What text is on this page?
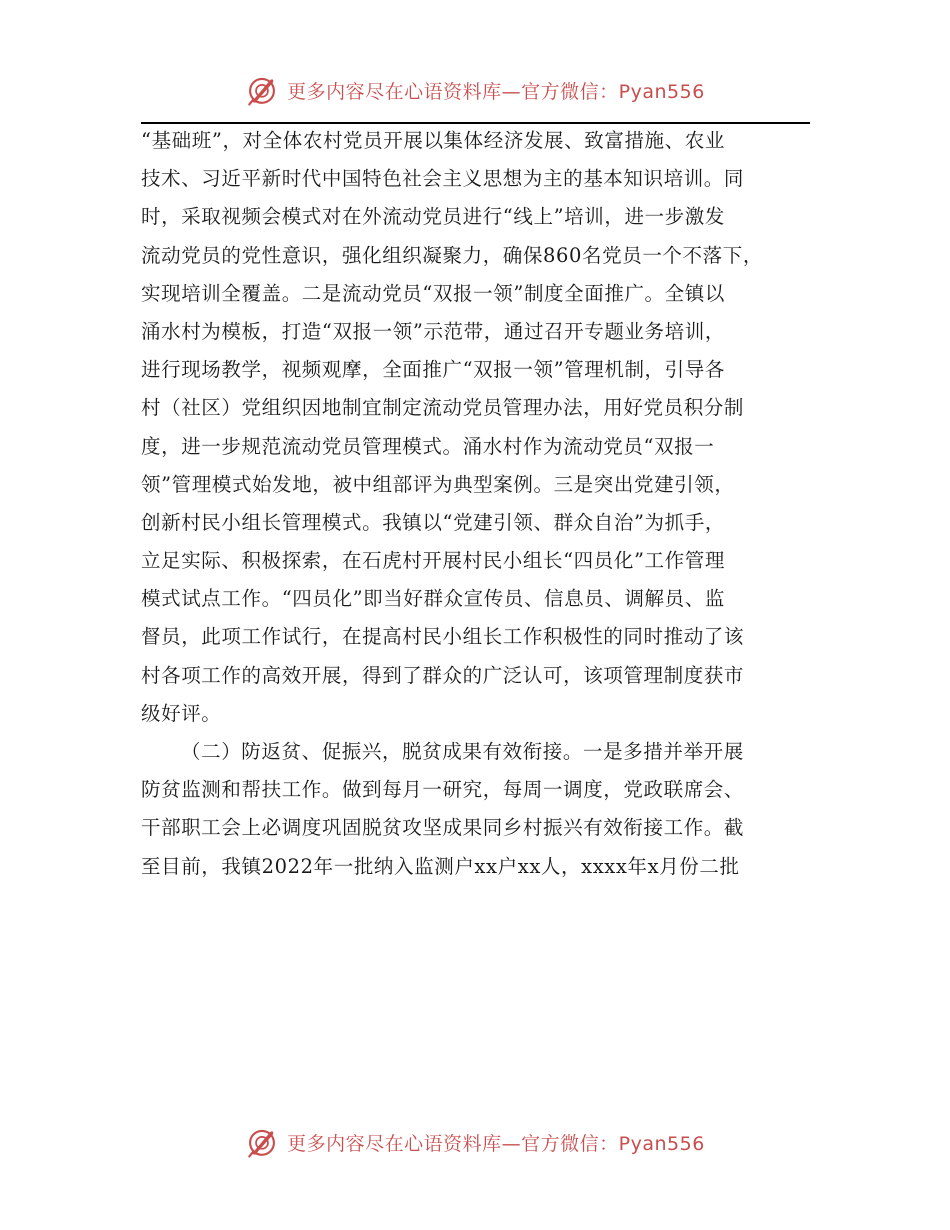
更多内容尽在心语资料库—官方微信：Pyan556
“基础班”，对全体农村党员开展以集体经济发展、致富措施、农业
技术、习近平新时代中国特色社会主义思想为主的基本知识培训。同
时，采取视频会模式对在外流动党员进行“线上”培训，进一步激发
流动党员的党性意识，强化组织凝聚力，确保860名党员一个不落下，
实现培训全覆盖。二是流动党员“双报一领”制度全面推广。全镇以
涌水村为模板，打造“双报一领”示范带，通过召开专题业务培训，
进行现场教学，视频观摩，全面推广“双报一领”管理机制，引导各
村（社区）党组织因地制宜制定流动党员管理办法，用好党员积分制
度，进一步规范流动党员管理模式。涌水村作为流动党员“双报一
领”管理模式始发地，被中组部评为典型案例。三是突出党建引领，
创新村民小组长管理模式。我镇以“党建引领、群众自治”为抓手，
立足实际、积极探索，在石虎村开展村民小组长“四员化”工作管理
模式试点工作。“四员化”即当好群众宣传员、信息员、调解员、监
督员，此项工作试行，在提高村民小组长工作积极性的同时推动了该
村各项工作的高效开展，得到了群众的广泛认可，该项管理制度获市
级好评。
（二）防返贫、促振兴，脱贫成果有效衔接。一是多措并举开展
防贫监测和帮扶工作。做到每月一研究，每周一调度，党政联席会、
干部职工会上必调度巩固脱贫攻坚成果同乡村振兴有效衔接工作。截
至目前，我镇2022年一批纳入监测户xx户xx人，xxxx年x月份二批
更多内容尽在心语资料库—官方微信：Pyan556
